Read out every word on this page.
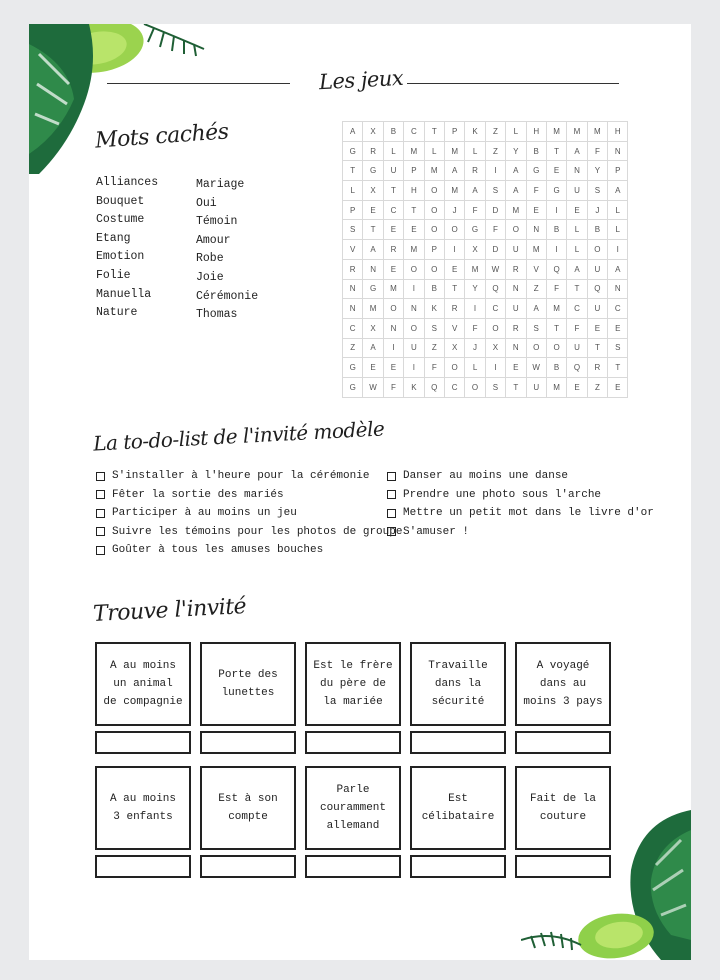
Les jeux
Mots cachés
Alliances
Bouquet
Costume
Etang
Emotion
Folie
Manuella
Nature
Mariage
Oui
Témoin
Amour
Robe
Joie
Cérémonie
Thomas
A	X	B	C	T	P	K	Z	L	H	M	M	M	H
G	R	L	M	L	M	L	Z	Y	B	T	A	F	N
T	G	U	P	M	A	R	I	A	G	E	N	Y	P
L	X	T	H	O	M	A	S	A	F	G	U	S	A
P	E	C	T	O	J	F	D	M	E	I	E	J	L
S	T	E	E	O	O	G	F	O	N	B	L	B	L
V	A	R	M	P	I	X	D	U	M	I	L	O	I
R	N	E	O	O	E	M	W	R	V	Q	A	U	A
N	G	M	I	B	T	Y	Q	N	Z	F	T	Q	N
N	M	O	N	K	R	I	C	U	A	M	C	U	C
C	X	N	O	S	V	F	O	R	S	T	F	E	E
Z	A	I	U	Z	X	J	X	N	O	O	U	T	S
G	E	E	I	F	O	L	I	E	W	B	Q	R	T
G	W	F	K	Q	C	O	S	T	U	M	E	Z	E
La to-do-list de l'invité modèle
S'installer à l'heure pour la cérémonie
Fêter la sortie des mariés
Participer à au moins un jeu
Suivre les témoins pour les photos de groupe
Goûter à tous les amuses bouches
Danser au moins une danse
Prendre une photo sous l'arche
Mettre un petit mot dans le livre d'or
S'amuser !
Trouve l'invité
A au moins
un animal
de compagnie
Porte des
lunettes
Est le frère
du père de
la mariée
Travaille
dans la
sécurité
A voyagé
dans au
moins 3 pays
A au moins
3 enfants
Est à son
compte
Parle
couramment
allemand
Est
célibataire
Fait de la
couture
